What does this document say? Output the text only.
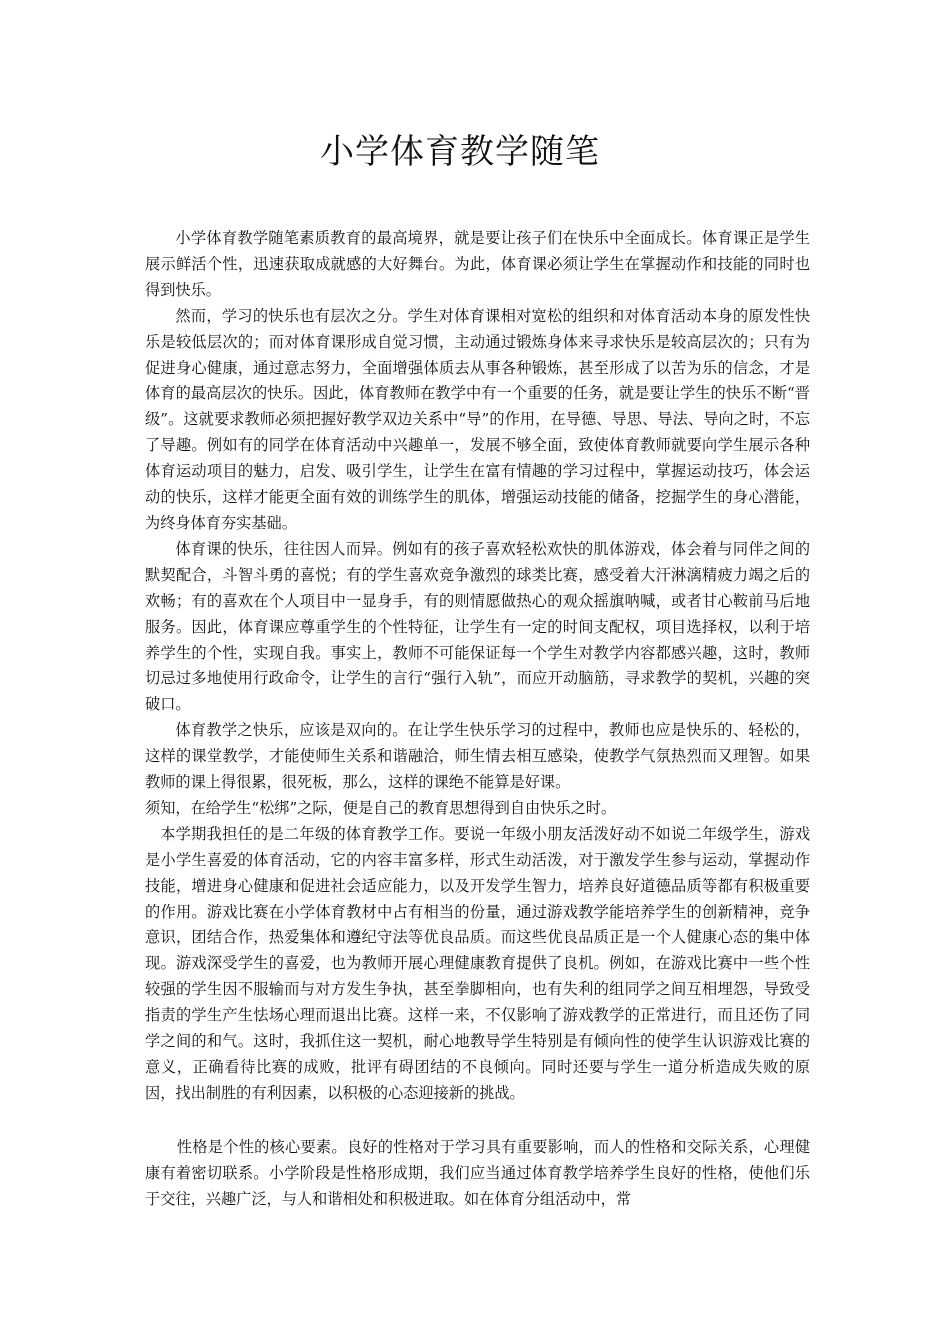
小学体育教学随笔

小学体育教学随笔素质教育的最高境界，就是要让孩子们在快乐中全面成长。体育课正是学生展示鲜活个性，迅速获取成就感的大好舞台。为此，体育课必须让学生在掌握动作和技能的同时也得到快乐。

然而，学习的快乐也有层次之分。学生对体育课相对宽松的组织和对体育活动本身的原发性快乐是较低层次的；而对体育课形成自觉习惯，主动通过锻炼身体来寻求快乐是较高层次的；只有为促进身心健康，通过意志努力，全面增强体质去从事各种锻炼，甚至形成了以苦为乐的信念，才是体育的最高层次的快乐。因此，体育教师在教学中有一个重要的任务，就是要让学生的快乐不断“晋级”。这就要求教师必须把握好教学双边关系中“导”的作用，在导德、导思、导法、导向之时，不忘了导趣。例如有的同学在体育活动中兴趣单一，发展不够全面，致使体育教师就要向学生展示各种体育运动项目的魅力，启发、吸引学生，让学生在富有情趣的学习过程中，掌握运动技巧，体会运动的快乐，这样才能更全面有效的训练学生的肌体，增强运动技能的储备，挖掘学生的身心潜能，为终身体育夯实基础。

体育课的快乐，往往因人而异。例如有的孩子喜欢轻松欢快的肌体游戏，体会着与同伴之间的默契配合，斗智斗勇的喜悦；有的学生喜欢竞争激烈的球类比赛，感受着大汗淋漓精疲力竭之后的欢畅；有的喜欢在个人项目中一显身手，有的则情愿做热心的观众摇旗呐喊，或者甘心鞍前马后地服务。因此，体育课应尊重学生的个性特征，让学生有一定的时间支配权，项目选择权，以利于培养学生的个性，实现自我。事实上，教师不可能保证每一个学生对教学内容都感兴趣，这时，教师切忌过多地使用行政命令，让学生的言行“强行入轨”，而应开动脑筋，寻求教学的契机，兴趣的突破口。

体育教学之快乐，应该是双向的。在让学生快乐学习的过程中，教师也应是快乐的、轻松的，这样的课堂教学，才能使师生关系和谐融洽，师生情去相互感染，使教学气氛热烈而又理智。如果教师的课上得很累，很死板，那么，这样的课绝不能算是好课。

须知，在给学生“松绑”之际，便是自己的教育思想得到自由快乐之时。

本学期我担任的是二年级的体育教学工作。要说一年级小朋友活泼好动不如说二年级学生，游戏是小学生喜爱的体育活动，它的内容丰富多样，形式生动活泼，对于激发学生参与运动，掌握动作技能，增进身心健康和促进社会适应能力，以及开发学生智力，培养良好道德品质等都有积极重要的作用。游戏比赛在小学体育教材中占有相当的份量，通过游戏教学能培养学生的创新精神，竞争意识，团结合作，热爱集体和遵纪守法等优良品质。而这些优良品质正是一个人健康心态的集中体现。游戏深受学生的喜爱，也为教师开展心理健康教育提供了良机。例如，在游戏比赛中一些个性较强的学生因不服输而与对方发生争执，甚至拳脚相向，也有失利的组同学之间互相埋怨，导致受指责的学生产生怯场心理而退出比赛。这样一来，不仅影响了游戏教学的正常进行，而且还伤了同学之间的和气。这时，我抓住这一契机，耐心地教导学生特别是有倾向性的使学生认识游戏比赛的意义，正确看待比赛的成败，批评有碍团结的不良倾向。同时还要与学生一道分析造成失败的原因，找出制胜的有利因素，以积极的心态迎接新的挑战。

性格是个性的核心要素。良好的性格对于学习具有重要影响，而人的性格和交际关系，心理健康有着密切联系。小学阶段是性格形成期，我们应当通过体育教学培养学生良好的性格，使他们乐于交往，兴趣广泛，与人和谐相处和积极进取。如在体育分组活动中，常
